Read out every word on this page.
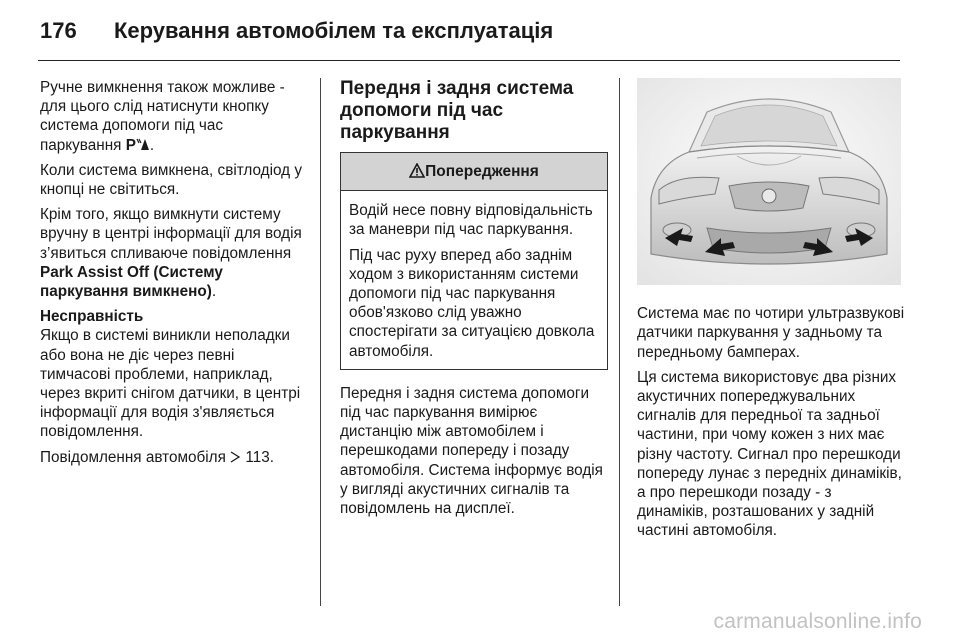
176	Керування автомобілем та експлуатація

Ручне вимкнення також можливе - для цього слід натиснути кнопку система допомоги під час паркування P .

Коли система вимкнена, світлодіод у кнопці не світиться.

Крім того, якщо вимкнути систему вручну в центрі інформації для водія з’явиться спливаюче повідомлення Park Assist Off (Систему паркування вимкнено).

Несправність

Якщо в системі виникли неполадки або вона не діє через певні тимчасові проблеми, наприклад, через вкриті снігом датчики, в центрі інформації для водія з'являється повідомлення.

Повідомлення автомобіля  113.

Передня і задня система допомоги під час паркування
Попередження

Водій несе повну відповідальність за маневри під час паркування.

Під час руху вперед або заднім ходом з використанням системи допомоги під час паркування обов'язково слід уважно спостерігати за ситуацією довкола автомобіля.

Передня і задня система допомоги під час паркування вимірює дистанцію між автомобілем і перешкодами попереду і позаду автомобіля. Система інформує водія у вигляді акустичних сигналів та повідомлень на дисплеї.

Система має по чотири ультразвукові датчики паркування у задньому та передньому бамперах.

Ця система використовує два різних акустичних попереджувальних сигналів для передньої та задньої частини, при чому кожен з них має різну частоту. Сигнал про перешкоди попереду лунає з передніх динаміків, а про перешкоди позаду - з динаміків, розташованих у задній частині автомобіля.

carmanualsonline.info
